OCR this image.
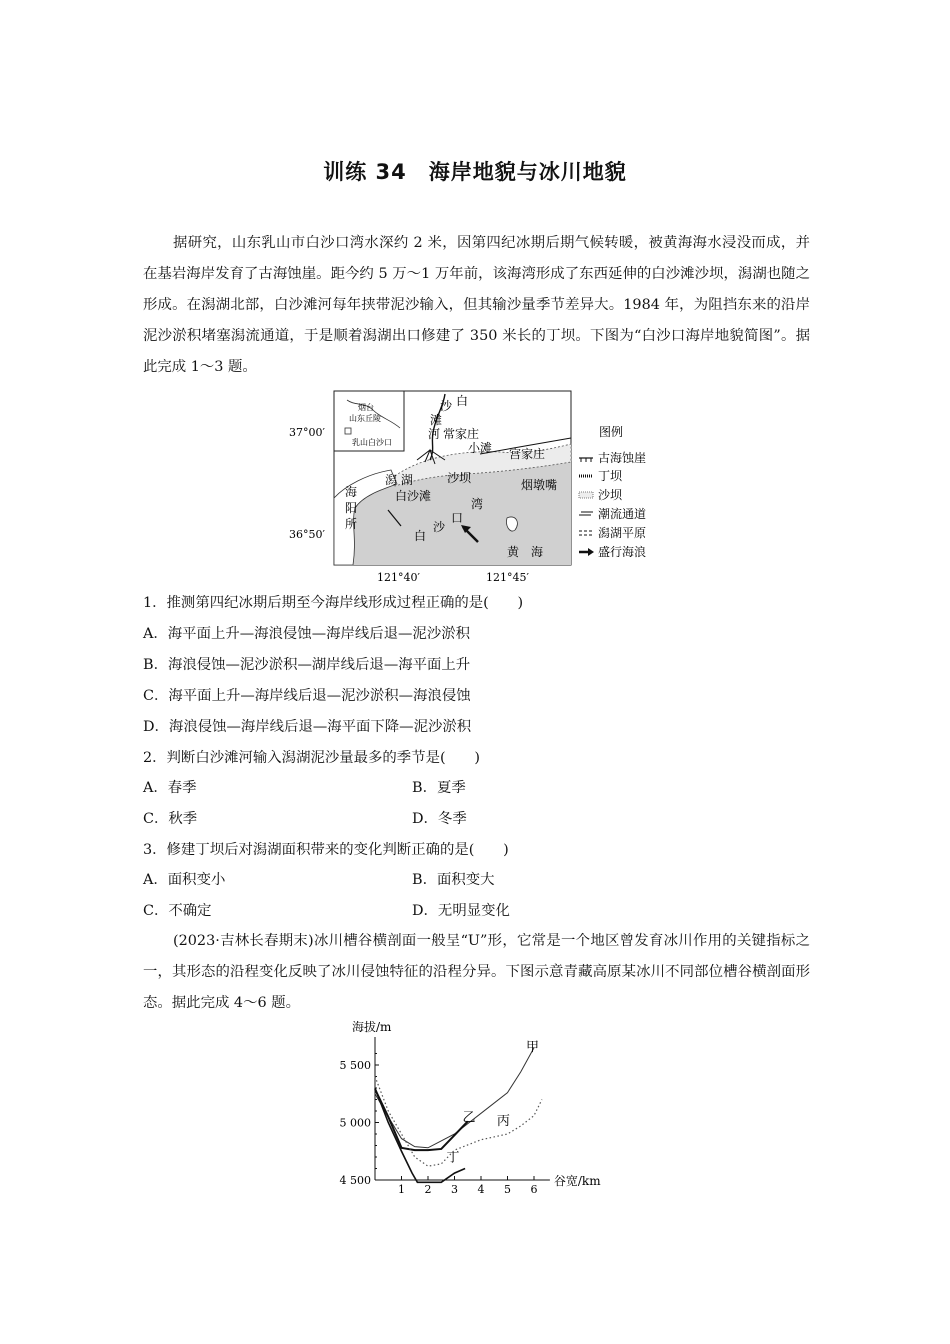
训练 34　海岸地貌与冰川地貌

据研究，山东乳山市白沙口湾水深约 2 米，因第四纪冰期后期气候转暖，被黄海海水浸没而成，并在基岩海岸发育了古海蚀崖。距今约 5 万～1 万年前，该海湾形成了东西延伸的白沙滩沙坝，潟湖也随之形成。在潟湖北部，白沙滩河每年挟带泥沙输入，但其输沙量季节差异大。1984 年，为阻挡东来的沿岸泥沙淤积堵塞潟流通道，于是顺着潟湖出口修建了 350 米长的丁坝。下图为“白沙口海岸地貌简图”。据此完成 1～3 题。

烟台
山东丘陵
乳山白沙口
37°00′
36°50′
121°40′	121°45′
白
沙
滩
河 常家庄
小滩 宫家庄
潟 湖
白沙滩
沙坝	烟墩嘴
海
阳
所
湾
口
沙
白
黄　海
图例
古海蚀崖
丁坝
沙坝
潮流通道
潟湖平原
盛行海浪
1．推测第四纪冰期后期至今海岸线形成过程正确的是(　　)
A．海平面上升—海浪侵蚀—海岸线后退—泥沙淤积
B．海浪侵蚀—泥沙淤积—湖岸线后退—海平面上升
C．海平面上升—海岸线后退—泥沙淤积—海浪侵蚀
D．海浪侵蚀—海岸线后退—海平面下降—泥沙淤积
2．判断白沙滩河输入潟湖泥沙量最多的季节是(　　)
A．春季	B．夏季
C．秋季	D．冬季
3．修建丁坝后对潟湖面积带来的变化判断正确的是(　　)
A．面积变小	B．面积变大
C．不确定	D．无明显变化

(2023·吉林长春期末)冰川槽谷横剖面一般呈“U”形，它常是一个地区曾发育冰川作用的关键指标之一，其形态的沿程变化反映了冰川侵蚀特征的沿程分异。下图示意青藏高原某冰川不同部位槽谷横剖面形态。据此完成 4～6 题。

海拔/m
谷宽/km
5 500
5 000
4 500
1 2 3 4 5 6
甲
乙 丙
丁
